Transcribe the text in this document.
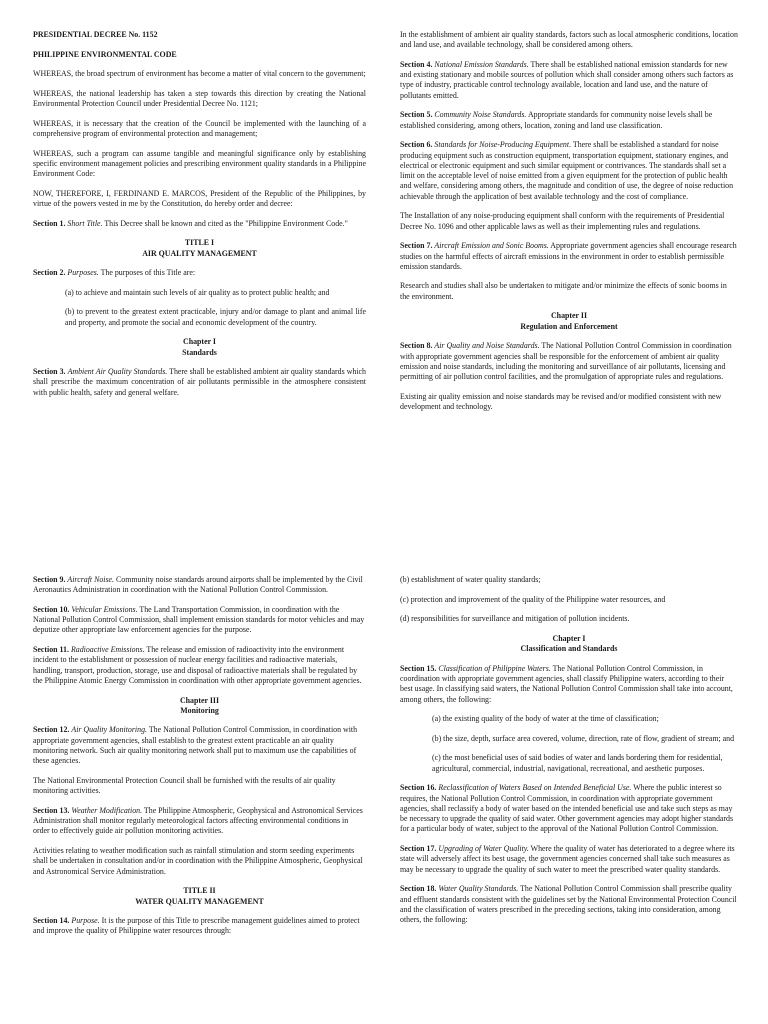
PRESIDENTIAL DECREE No. 1152

PHILIPPINE ENVIRONMENTAL CODE

WHEREAS, the broad spectrum of environment has become a matter of vital concern to the government;

WHEREAS, the national leadership has taken a step towards this direction by creating the National Environmental Protection Council under Presidential Decree No. 1121;

WHEREAS, it is necessary that the creation of the Council be implemented with the launching of a comprehensive program of environmental protection and management;

WHEREAS, such a program can assume tangible and meaningful significance only by establishing specific environment management policies and prescribing environment quality standards in a Philippine Environment Code:

NOW, THEREFORE, I, FERDINAND E. MARCOS, President of the Republic of the Philippines, by virtue of the powers vested in me by the Constitution, do hereby order and decree:

Section 1. Short Title. This Decree shall be known and cited as the "Philippine Environment Code."

TITLE I
AIR QUALITY MANAGEMENT

Section 2. Purposes. The purposes of this Title are:

(a) to achieve and maintain such levels of air quality as to protect public health; and

(b) to prevent to the greatest extent practicable, injury and/or damage to plant and animal life and property, and promote the social and economic development of the country.

Chapter I
Standards

Section 3. Ambient Air Quality Standards. There shall be established ambient air quality standards which shall prescribe the maximum concentration of air pollutants permissible in the atmosphere consistent with public health, safety and general welfare.

In the establishment of ambient air quality standards, factors such as local atmospheric conditions, location and land use, and available technology, shall be considered among others.

Section 4. National Emission Standards. There shall be established national emission standards for new and existing stationary and mobile sources of pollution which shall consider among others such factors as type of industry, practicable control technology available, location and land use, and the nature of pollutants emitted.

Section 5. Community Noise Standards. Appropriate standards for community noise levels shall be established considering, among others, location, zoning and land use classification.

Section 6. Standards for Noise-Producing Equipment. There shall be established a standard for noise producing equipment such as construction equipment, transportation equipment, stationary engines, and electrical or electronic equipment and such similar equipment or contrivances. The standards shall set a limit on the acceptable level of noise emitted from a given equipment for the protection of public health and welfare, considering among others, the magnitude and condition of use, the degree of noise reduction achievable through the application of best available technology and the cost of compliance.

The Installation of any noise-producing equipment shall conform with the requirements of Presidential Decree No. 1096 and other applicable laws as well as their implementing rules and regulations.

Section 7. Aircraft Emission and Sonic Booms. Appropriate government agencies shall encourage research studies on the harmful effects of aircraft emissions in the environment in order to establish permissible emission standards.

Research and studies shall also be undertaken to mitigate and/or minimize the effects of sonic booms in the environment.

Chapter II
Regulation and Enforcement

Section 8. Air Quality and Noise Standards. The National Pollution Control Commission in coordination with appropriate government agencies shall be responsible for the enforcement of ambient air quality emission and noise standards, including the monitoring and surveillance of air pollutants, licensing and permitting of air pollution control facilities, and the promulgation of appropriate rules and regulations.

Existing air quality emission and noise standards may be revised and/or modified consistent with new development and technology.

Section 9. Aircraft Noise. Community noise standards around airports shall be implemented by the Civil Aeronautics Administration in coordination with the National Pollution Control Commission.

Section 10. Vehicular Emissions. The Land Transportation Commission, in coordination with the National Pollution Control Commission, shall implement emission standards for motor vehicles and may deputize other appropriate law enforcement agencies for the purpose.

Section 11. Radioactive Emissions. The release and emission of radioactivity into the environment incident to the establishment or possession of nuclear energy facilities and radioactive materials, handling, transport, production, storage, use and disposal of radioactive materials shall be regulated by the Philippine Atomic Energy Commission in coordination with other appropriate government agencies.

Chapter III
Monitoring

Section 12. Air Quality Monitoring. The National Pollution Control Commission, in coordination with appropriate government agencies, shall establish to the greatest extent practicable an air quality monitoring network. Such air quality monitoring network shall put to maximum use the capabilities of these agencies.

The National Environmental Protection Council shall be furnished with the results of air quality monitoring activities.

Section 13. Weather Modification. The Philippine Atmospheric, Geophysical and Astronomical Services Administration shall monitor regularly meteorological factors affecting environmental conditions in order to effectively guide air pollution monitoring activities.

Activities relating to weather modification such as rainfall stimulation and storm seeding experiments shall be undertaken in consultation and/or in coordination with the Philippine Atmospheric, Geophysical and Astronomical Service Administration.

TITLE II
WATER QUALITY MANAGEMENT

Section 14. Purpose. It is the purpose of this Title to prescribe management guidelines aimed to protect and improve the quality of Philippine water resources through:

(b) establishment of water quality standards;

(c) protection and improvement of the quality of the Philippine water resources, and

(d) responsibilities for surveillance and mitigation of pollution incidents.

Chapter I
Classification and Standards

Section 15. Classification of Philippine Waters. The National Pollution Control Commission, in coordination with appropriate government agencies, shall classify Philippine waters, according to their best usage. In classifying said waters, the National Pollution Control Commission shall take into account, among others, the following:

(a) the existing quality of the body of water at the time of classification;

(b) the size, depth, surface area covered, volume, direction, rate of flow, gradient of stream; and

(c) the most beneficial uses of said bodies of water and lands bordering them for residential, agricultural, commercial, industrial, navigational, recreational, and aesthetic purposes.

Section 16. Reclassification of Waters Based on Intended Beneficial Use. Where the public interest so requires, the National Pollution Control Commission, in coordination with appropriate government agencies, shall reclassify a body of water based on the intended beneficial use and take such steps as may be necessary to upgrade the quality of said water. Other government agencies may adopt higher standards for a particular body of water, subject to the approval of the National Pollution Control Commission.

Section 17. Upgrading of Water Quality. Where the quality of water has deteriorated to a degree where its state will adversely affect its best usage, the government agencies concerned shall take such measures as may be necessary to upgrade the quality of such water to meet the prescribed water quality standards.

Section 18. Water Quality Standards. The National Pollution Control Commission shall prescribe quality and effluent standards consistent with the guidelines set by the National Environmental Protection Council and the classification of waters prescribed in the preceding sections, taking into consideration, among others, the following:
